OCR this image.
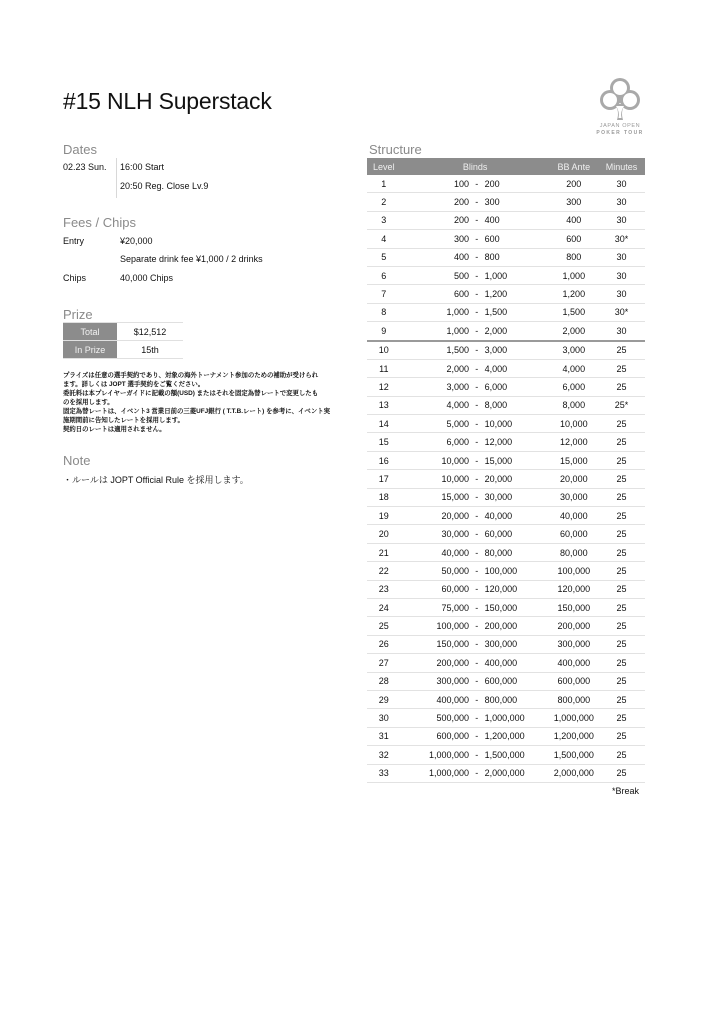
#15 NLH Superstack
JAPAN OPEN
POKER TOUR
Dates
02.23 Sun. 16:00 Start
20:50 Reg. Close Lv.9
Fees / Chips
Entry	¥20,000
Separate drink fee ¥1,000 / 2 drinks
Chips	40,000 Chips
Prize
Total	$12,512
In Prize	15th
プライズは任意の選手契約であり、対象の海外トーナメント参加のための補助が受けられ
ます。詳しくは JOPT 選手契約をご覧ください。
委託料は本プレイヤーガイドに記載の額(USD) またはそれを固定為替レートで変更したも
のを採用します。
固定為替レートは、イベント3 営業日前の三菱UFJ銀行 ( T.T.B.レート) を参考に、イベント実
施期間前に告知したレートを採用します。
契約日のレートは適用されません。
Note
・ルールは JOPT Official Rule を採用します。
Structure
Level	Blinds			BB Ante	Minutes
1	100	-	200	200	30
2	200	-	300	300	30
3	200	-	400	400	30
4	300	-	600	600	30*
5	400	-	800	800	30
6	500	-	1,000	1,000	30
7	600	-	1,200	1,200	30
8	1,000	-	1,500	1,500	30*
9	1,000	-	2,000	2,000	30
10	1,500	-	3,000	3,000	25
11	2,000	-	4,000	4,000	25
12	3,000	-	6,000	6,000	25
13	4,000	-	8,000	8,000	25*
14	5,000	-	10,000	10,000	25
15	6,000	-	12,000	12,000	25
16	10,000	-	15,000	15,000	25
17	10,000	-	20,000	20,000	25
18	15,000	-	30,000	30,000	25
19	20,000	-	40,000	40,000	25
20	30,000	-	60,000	60,000	25
21	40,000	-	80,000	80,000	25
22	50,000	-	100,000	100,000	25
23	60,000	-	120,000	120,000	25
24	75,000	-	150,000	150,000	25
25	100,000	-	200,000	200,000	25
26	150,000	-	300,000	300,000	25
27	200,000	-	400,000	400,000	25
28	300,000	-	600,000	600,000	25
29	400,000	-	800,000	800,000	25
30	500,000	-	1,000,000	1,000,000	25
31	600,000	-	1,200,000	1,200,000	25
32	1,000,000	-	1,500,000	1,500,000	25
33	1,000,000	-	2,000,000	2,000,000	25
*Break
